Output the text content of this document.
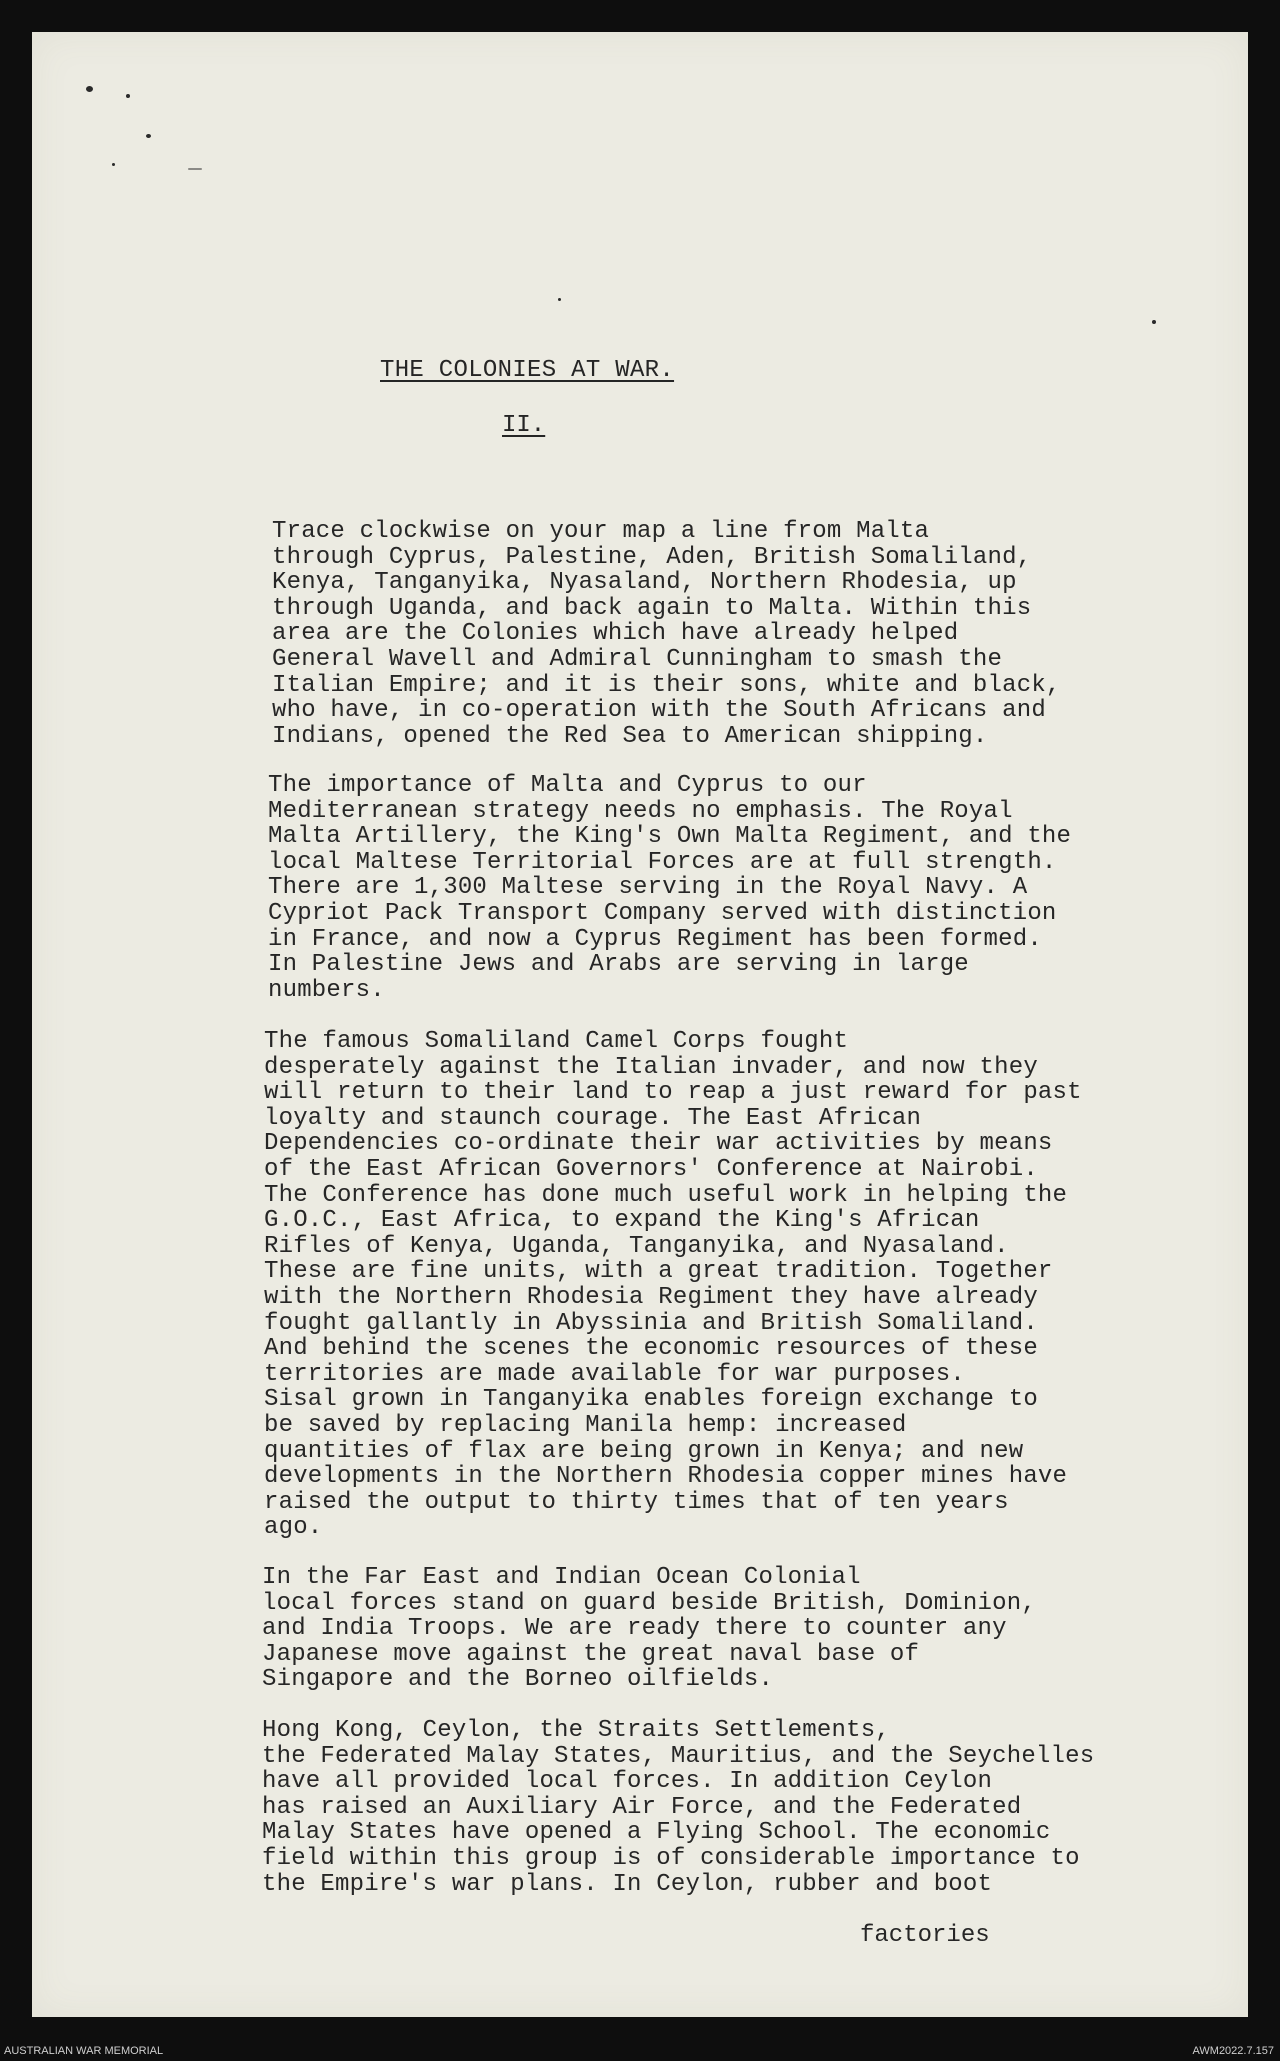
THE COLONIES AT WAR.
II.
Trace clockwise on your map a line from Malta
through Cyprus, Palestine, Aden, British Somaliland,
Kenya, Tanganyika, Nyasaland, Northern Rhodesia, up
through Uganda, and back again to Malta. Within this
area are the Colonies which have already helped
General Wavell and Admiral Cunningham to smash the
Italian Empire; and it is their sons, white and black,
who have, in co-operation with the South Africans and
Indians, opened the Red Sea to American shipping.
The importance of Malta and Cyprus to our
Mediterranean strategy needs no emphasis. The Royal
Malta Artillery, the King's Own Malta Regiment, and the
local Maltese Territorial Forces are at full strength.
There are 1,300 Maltese serving in the Royal Navy. A
Cypriot Pack Transport Company served with distinction
in France, and now a Cyprus Regiment has been formed.
In Palestine Jews and Arabs are serving in large
numbers.
The famous Somaliland Camel Corps fought
desperately against the Italian invader, and now they
will return to their land to reap a just reward for past
loyalty and staunch courage. The East African
Dependencies co-ordinate their war activities by means
of the East African Governors' Conference at Nairobi.
The Conference has done much useful work in helping the
G.O.C., East Africa, to expand the King's African
Rifles of Kenya, Uganda, Tanganyika, and Nyasaland.
These are fine units, with a great tradition. Together
with the Northern Rhodesia Regiment they have already
fought gallantly in Abyssinia and British Somaliland.
And behind the scenes the economic resources of these
territories are made available for war purposes.
Sisal grown in Tanganyika enables foreign exchange to
be saved by replacing Manila hemp: increased
quantities of flax are being grown in Kenya; and new
developments in the Northern Rhodesia copper mines have
raised the output to thirty times that of ten years
ago.
In the Far East and Indian Ocean Colonial
local forces stand on guard beside British, Dominion,
and India Troops. We are ready there to counter any
Japanese move against the great naval base of
Singapore and the Borneo oilfields.
Hong Kong, Ceylon, the Straits Settlements,
the Federated Malay States, Mauritius, and the Seychelles
have all provided local forces. In addition Ceylon
has raised an Auxiliary Air Force, and the Federated
Malay States have opened a Flying School. The economic
field within this group is of considerable importance to
the Empire's war plans. In Ceylon, rubber and boot
factories
AUSTRALIAN WAR MEMORIAL	AWM2022.7.157
